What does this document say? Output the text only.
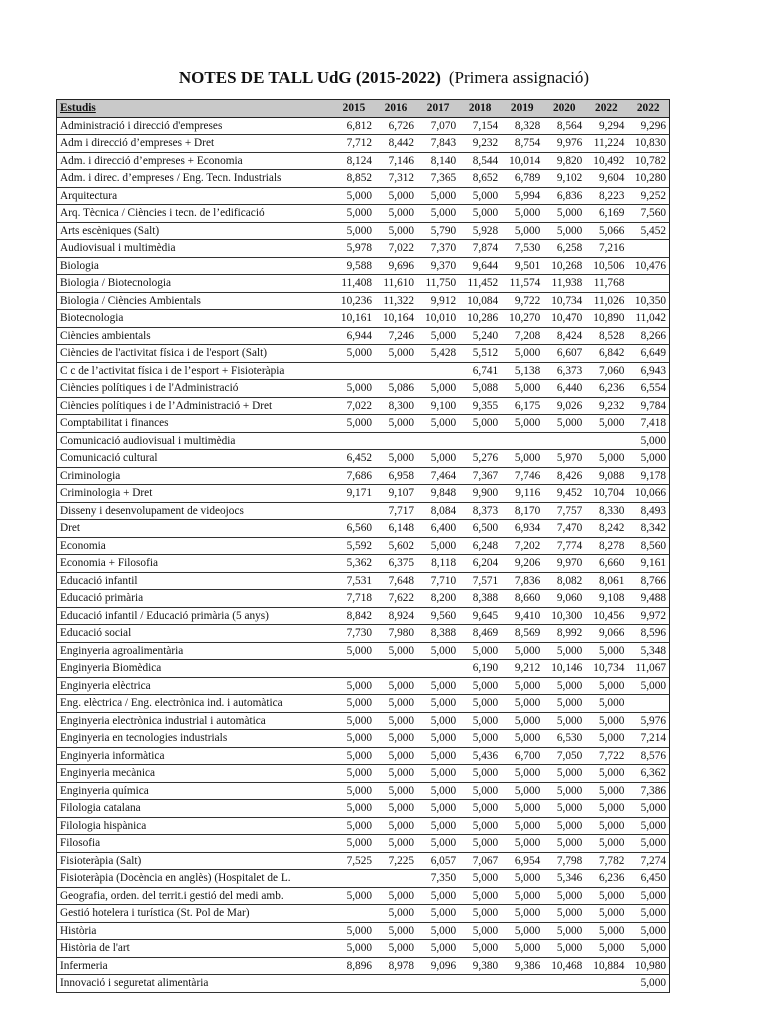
NOTES DE TALL UdG (2015-2022) (Primera assignació)
Estudis	2015	2016	2017	2018	2019	2020	2022	2022
Administració i direcció d'empreses	6,812	6,726	7,070	7,154	8,328	8,564	9,294	9,296
Adm i direcció d’empreses + Dret	7,712	8,442	7,843	9,232	8,754	9,976	11,224	10,830
Adm. i direcció d’empreses + Economia	8,124	7,146	8,140	8,544	10,014	9,820	10,492	10,782
Adm. i direc. d’empreses / Eng. Tecn. Industrials	8,852	7,312	7,365	8,652	6,789	9,102	9,604	10,280
Arquitectura	5,000	5,000	5,000	5,000	5,994	6,836	8,223	9,252
Arq. Tècnica / Ciències i tecn. de l’edificació	5,000	5,000	5,000	5,000	5,000	5,000	6,169	7,560
Arts escèniques (Salt)	5,000	5,000	5,790	5,928	5,000	5,000	5,066	5,452
Audiovisual i multimèdia	5,978	7,022	7,370	7,874	7,530	6,258	7,216	
Biologia	9,588	9,696	9,370	9,644	9,501	10,268	10,506	10,476
Biologia / Biotecnologia	11,408	11,610	11,750	11,452	11,574	11,938	11,768	
Biologia / Ciències Ambientals	10,236	11,322	9,912	10,084	9,722	10,734	11,026	10,350
Biotecnologia	10,161	10,164	10,010	10,286	10,270	10,470	10,890	11,042
Ciències ambientals	6,944	7,246	5,000	5,240	7,208	8,424	8,528	8,266
Ciències de l'activitat física i de l'esport (Salt)	5,000	5,000	5,428	5,512	5,000	6,607	6,842	6,649
C c de l’activitat física i de l’esport + Fisioteràpia				6,741	5,138	6,373	7,060	6,943
Ciències polítiques i de l'Administració	5,000	5,086	5,000	5,088	5,000	6,440	6,236	6,554
Ciències polítiques i de l’Administració + Dret	7,022	8,300	9,100	9,355	6,175	9,026	9,232	9,784
Comptabilitat i finances	5,000	5,000	5,000	5,000	5,000	5,000	5,000	7,418
Comunicació audiovisual i multimèdia								5,000
Comunicació cultural	6,452	5,000	5,000	5,276	5,000	5,970	5,000	5,000
Criminologia	7,686	6,958	7,464	7,367	7,746	8,426	9,088	9,178
Criminologia + Dret	9,171	9,107	9,848	9,900	9,116	9,452	10,704	10,066
Disseny i desenvolupament de videojocs		7,717	8,084	8,373	8,170	7,757	8,330	8,493
Dret	6,560	6,148	6,400	6,500	6,934	7,470	8,242	8,342
Economia	5,592	5,602	5,000	6,248	7,202	7,774	8,278	8,560
Economia + Filosofia	5,362	6,375	8,118	6,204	9,206	9,970	6,660	9,161
Educació infantil	7,531	7,648	7,710	7,571	7,836	8,082	8,061	8,766
Educació primària	7,718	7,622	8,200	8,388	8,660	9,060	9,108	9,488
Educació infantil / Educació primària (5 anys)	8,842	8,924	9,560	9,645	9,410	10,300	10,456	9,972
Educació social	7,730	7,980	8,388	8,469	8,569	8,992	9,066	8,596
Enginyeria agroalimentària	5,000	5,000	5,000	5,000	5,000	5,000	5,000	5,348
Enginyeria Biomèdica				6,190	9,212	10,146	10,734	11,067
Enginyeria elèctrica	5,000	5,000	5,000	5,000	5,000	5,000	5,000	5,000
Eng. elèctrica / Eng. electrònica ind. i automàtica	5,000	5,000	5,000	5,000	5,000	5,000	5,000	
Enginyeria electrònica industrial i automàtica	5,000	5,000	5,000	5,000	5,000	5,000	5,000	5,976
Enginyeria en tecnologies industrials	5,000	5,000	5,000	5,000	5,000	6,530	5,000	7,214
Enginyeria informàtica	5,000	5,000	5,000	5,436	6,700	7,050	7,722	8,576
Enginyeria mecànica	5,000	5,000	5,000	5,000	5,000	5,000	5,000	6,362
Enginyeria química	5,000	5,000	5,000	5,000	5,000	5,000	5,000	7,386
Filologia catalana	5,000	5,000	5,000	5,000	5,000	5,000	5,000	5,000
Filologia hispànica	5,000	5,000	5,000	5,000	5,000	5,000	5,000	5,000
Filosofia	5,000	5,000	5,000	5,000	5,000	5,000	5,000	5,000
Fisioteràpia (Salt)	7,525	7,225	6,057	7,067	6,954	7,798	7,782	7,274
Fisioteràpia (Docència en anglès) (Hospitalet de L.			7,350	5,000	5,000	5,346	6,236	6,450
Geografia, orden. del territ.i gestió del medi amb.	5,000	5,000	5,000	5,000	5,000	5,000	5,000	5,000
Gestió hotelera i turística (St. Pol de Mar)		5,000	5,000	5,000	5,000	5,000	5,000	5,000
Història	5,000	5,000	5,000	5,000	5,000	5,000	5,000	5,000
Història de l'art	5,000	5,000	5,000	5,000	5,000	5,000	5,000	5,000
Infermeria	8,896	8,978	9,096	9,380	9,386	10,468	10,884	10,980
Innovació i seguretat alimentària								5,000
